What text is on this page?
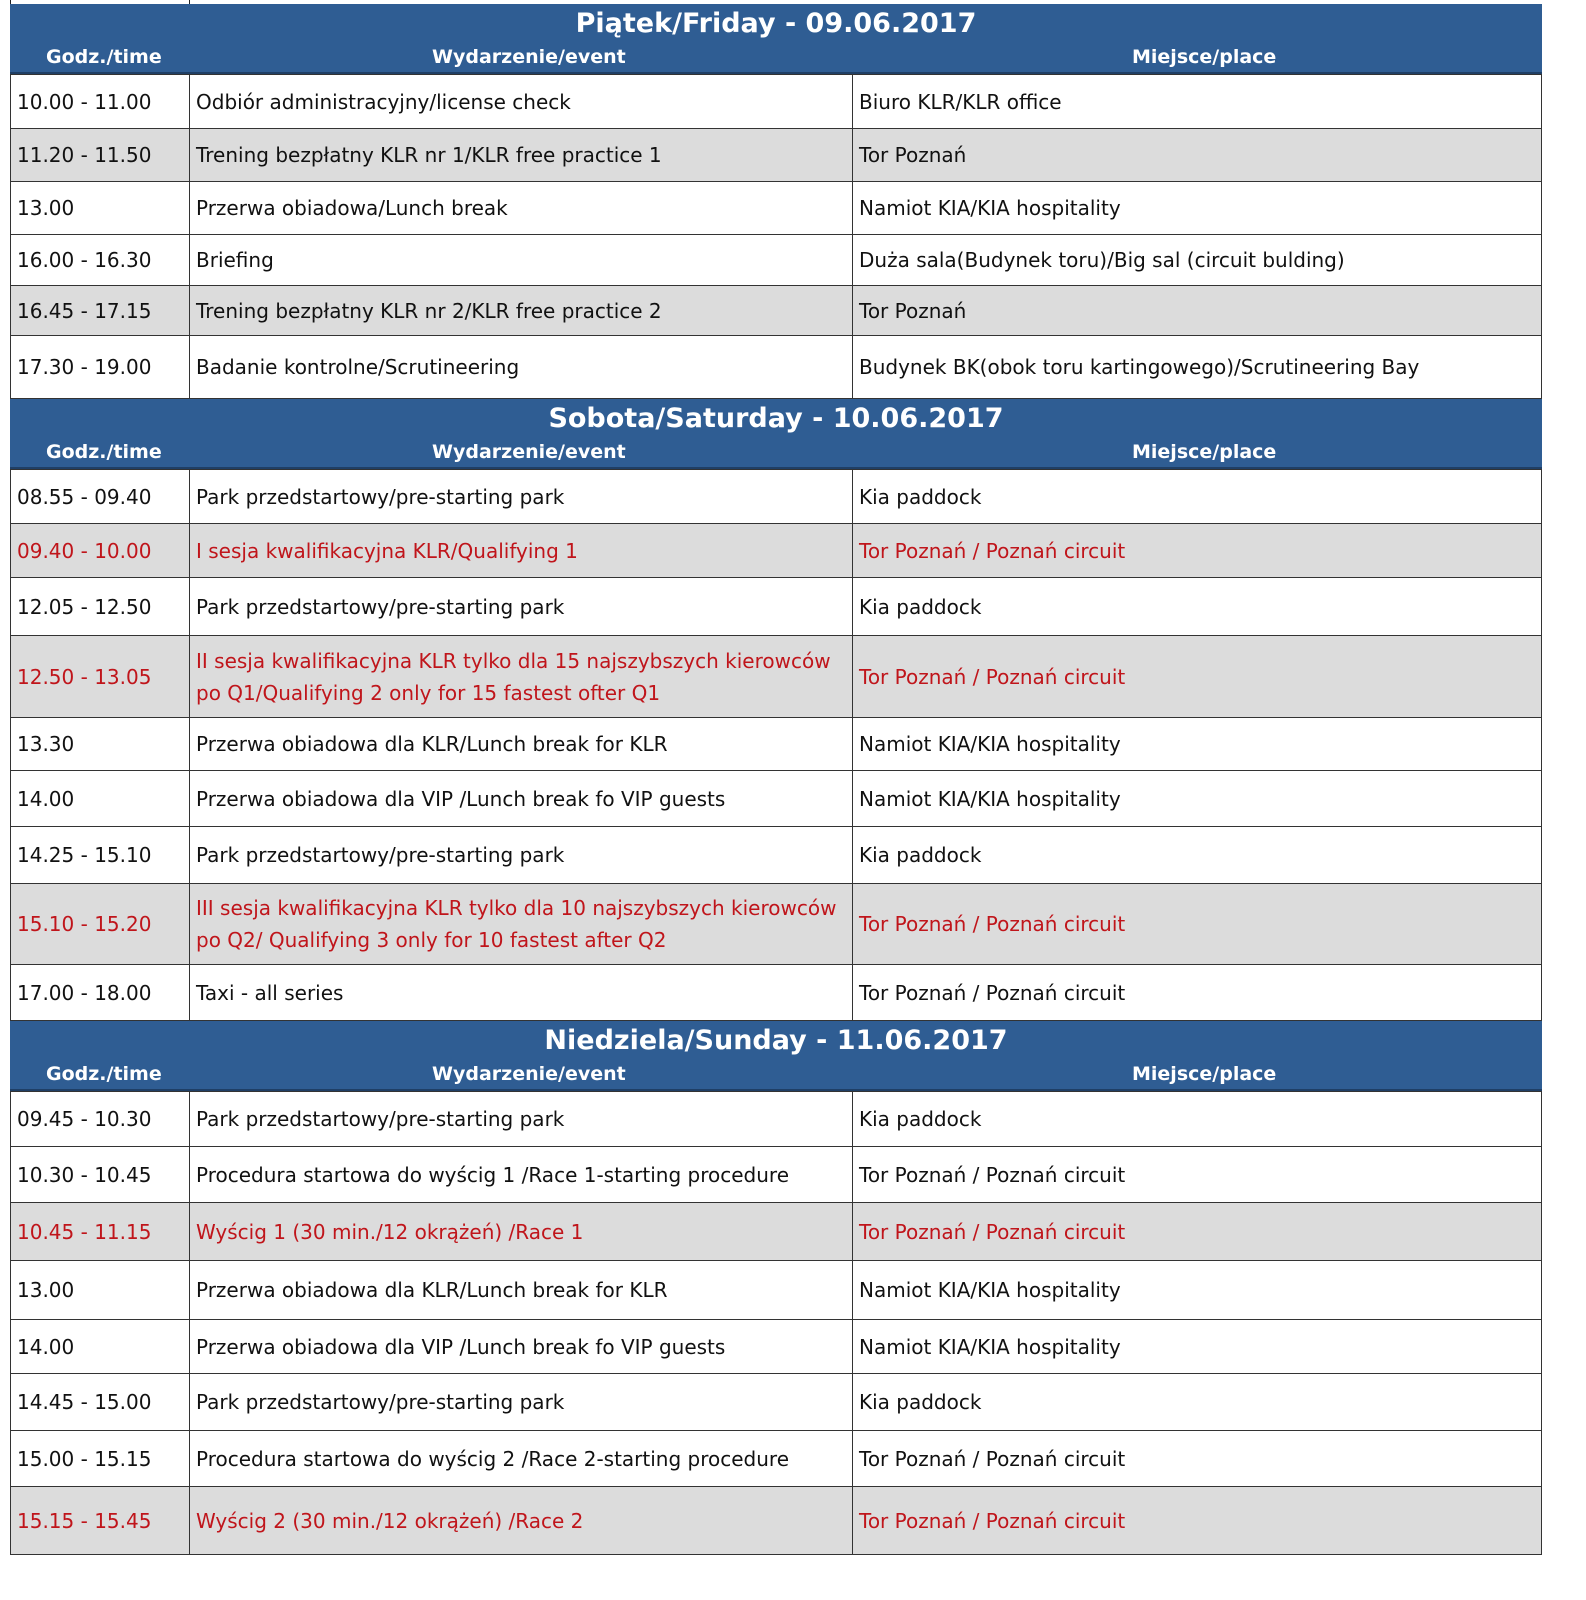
Piątek/Friday - 09.06.2017
Godz./time	Wydarzenie/event	Miejsce/place
10.00 - 11.00	Odbiór administracyjny/license check	Biuro KLR/KLR office
11.20 - 11.50	Trening bezpłatny KLR nr 1/KLR free practice 1	Tor Poznań
13.00	Przerwa obiadowa/Lunch break	Namiot KIA/KIA hospitality
16.00 - 16.30	Briefing	Duża sala(Budynek toru)/Big sal (circuit bulding)
16.45 - 17.15	Trening bezpłatny KLR nr 2/KLR free practice 2	Tor Poznań
17.30 - 19.00	Badanie kontrolne/Scrutineering	Budynek BK(obok toru kartingowego)/Scrutineering Bay
Sobota/Saturday - 10.06.2017
Godz./time	Wydarzenie/event	Miejsce/place
08.55 - 09.40	Park przedstartowy/pre-starting park	Kia paddock
09.40 - 10.00	I sesja kwalifikacyjna KLR/Qualifying 1	Tor Poznań / Poznań circuit
12.05 - 12.50	Park przedstartowy/pre-starting park	Kia paddock
12.50 - 13.05	II sesja kwalifikacyjna KLR tylko dla 15 najszybszych kierowców po Q1/Qualifying 2 only for 15 fastest ofter Q1	Tor Poznań / Poznań circuit
13.30	Przerwa obiadowa dla KLR/Lunch break for KLR	Namiot KIA/KIA hospitality
14.00	Przerwa obiadowa dla VIP /Lunch break fo VIP guests	Namiot KIA/KIA hospitality
14.25 - 15.10	Park przedstartowy/pre-starting park	Kia paddock
15.10 - 15.20	III sesja kwalifikacyjna KLR tylko dla 10 najszybszych kierowców po Q2/ Qualifying 3 only for 10 fastest after Q2	Tor Poznań / Poznań circuit
17.00 - 18.00	Taxi - all series	Tor Poznań / Poznań circuit
Niedziela/Sunday - 11.06.2017
Godz./time	Wydarzenie/event	Miejsce/place
09.45 - 10.30	Park przedstartowy/pre-starting park	Kia paddock
10.30 - 10.45	Procedura startowa do wyścig 1 /Race 1-starting procedure	Tor Poznań / Poznań circuit
10.45 - 11.15	Wyścig 1 (30 min./12 okrążeń) /Race 1	Tor Poznań / Poznań circuit
13.00	Przerwa obiadowa dla KLR/Lunch break for KLR	Namiot KIA/KIA hospitality
14.00	Przerwa obiadowa dla VIP /Lunch break fo VIP guests	Namiot KIA/KIA hospitality
14.45 - 15.00	Park przedstartowy/pre-starting park	Kia paddock
15.00 - 15.15	Procedura startowa do wyścig 2 /Race 2-starting procedure	Tor Poznań / Poznań circuit
15.15 - 15.45	Wyścig 2 (30 min./12 okrążeń) /Race 2	Tor Poznań / Poznań circuit
